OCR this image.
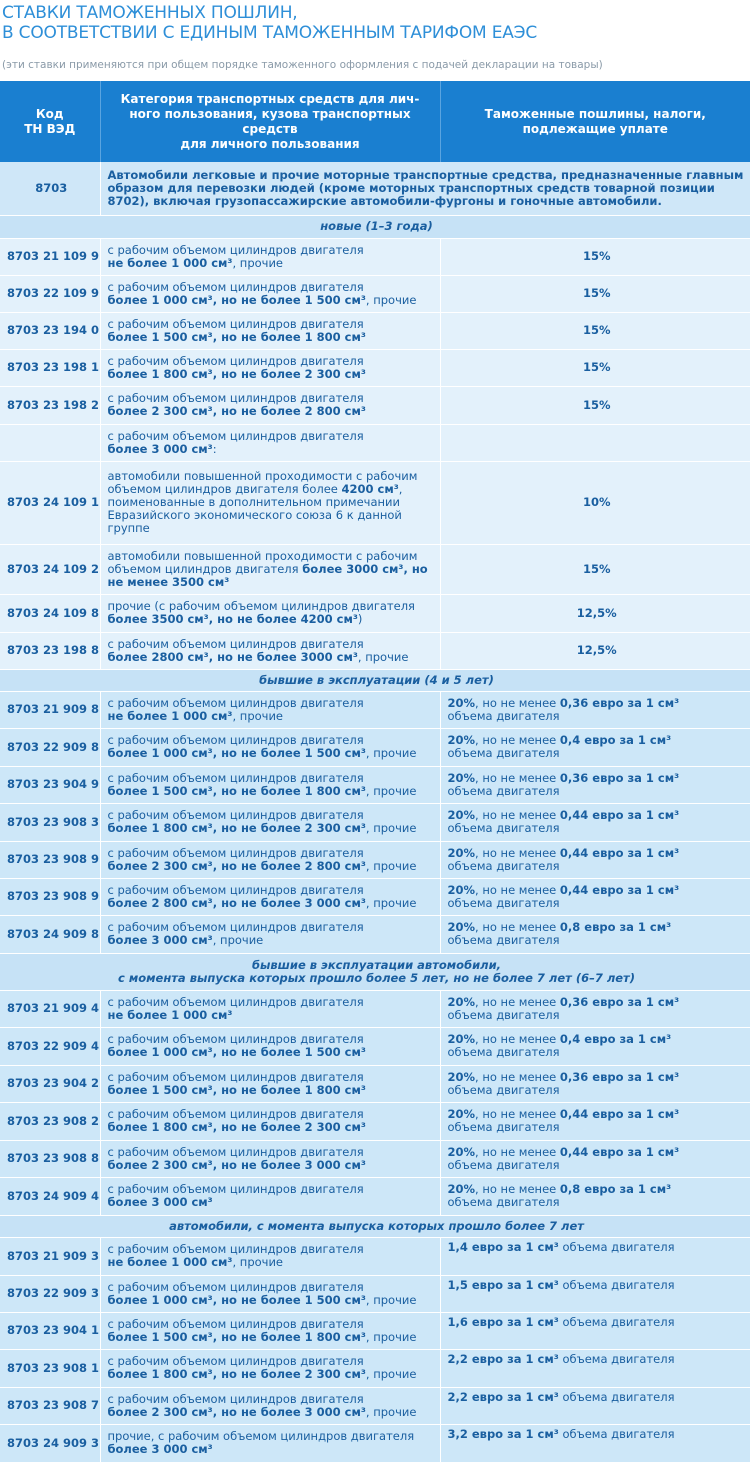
СТАВКИ ТАМОЖЕННЫХ ПОШЛИН,
В СООТВЕТСТВИИ С ЕДИНЫМ ТАМОЖЕННЫМ ТАРИФОМ ЕАЭС
(эти ставки применяются при общем порядке таможенного оформления с подачей декларации на товары)
Код
ТН ВЭД	Категория транспортных средств для лич-
ного пользования, кузова транспортных
средств
для личного пользования	Таможенные пошлины, налоги,
подлежащие уплате
8703	Автомобили легковые и прочие моторные транспортные средства, предназначенные главным образом для перевозки людей (кроме моторных транспортных средств товарной позиции 8702), включая грузопассажирские автомобили-фургоны и гоночные автомобили.	
новые (1–3 года)		
8703 21 109 9	с рабочим объемом цилиндров двигателя
не более 1 000 см³, прочие	15%
8703 22 109 9	с рабочим объемом цилиндров двигателя
более 1 000 см³, но не более 1 500 см³, прочие	15%
8703 23 194 0	с рабочим объемом цилиндров двигателя
более 1 500 см³, но не более 1 800 см³	15%
8703 23 198 1	с рабочим объемом цилиндров двигателя
более 1 800 см³, но не более 2 300 см³	15%
8703 23 198 2	с рабочим объемом цилиндров двигателя
более 2 300 см³, но не более 2 800 см³	15%
	с рабочим объемом цилиндров двигателя
более 3 000 см³:	
8703 24 109 1	автомобили повышенной проходимости с рабочим объемом цилиндров двигателя более 4200 см³, поименованные в дополнительном примечании Евразийского экономического союза 6 к данной группе	10%
8703 24 109 2	автомобили повышенной проходимости с рабочим объемом цилиндров двигателя более 3000 см³, но не менее 3500 см³	15%
8703 24 109 8	прочие (с рабочим объемом цилиндров двигателя
более 3500 см³, но не более 4200 см³)	12,5%
8703 23 198 8	с рабочим объемом цилиндров двигателя
более 2800 см³, но не более 3000 см³, прочие	12,5%
бывшие в эксплуатации (4 и 5 лет)		
8703 21 909 8	с рабочим объемом цилиндров двигателя
не более 1 000 см³, прочие	20%, но не менее 0,36 евро за 1 см³
объема двигателя
8703 22 909 8	с рабочим объемом цилиндров двигателя
более 1 000 см³, но не более 1 500 см³, прочие	20%, но не менее 0,4 евро за 1 см³
объема двигателя
8703 23 904 9	с рабочим объемом цилиндров двигателя
более 1 500 см³, но не более 1 800 см³, прочие	20%, но не менее 0,36 евро за 1 см³
объема двигателя
8703 23 908 3	с рабочим объемом цилиндров двигателя
более 1 800 см³, но не более 2 300 см³, прочие	20%, но не менее 0,44 евро за 1 см³
объема двигателя
8703 23 908 9	с рабочим объемом цилиндров двигателя
более 2 300 см³, но не более 2 800 см³, прочие	20%, но не менее 0,44 евро за 1 см³
объема двигателя
8703 23 908 9	с рабочим объемом цилиндров двигателя
более 2 800 см³, но не более 3 000 см³, прочие	20%, но не менее 0,44 евро за 1 см³
объема двигателя
8703 24 909 8	с рабочим объемом цилиндров двигателя
более 3 000 см³, прочие	20%, но не менее 0,8 евро за 1 см³
объема двигателя
бывшие в эксплуатации автомобили,
с момента выпуска которых прошло более 5 лет, но не более 7 лет (6–7 лет)		
8703 21 909 4	с рабочим объемом цилиндров двигателя
не более 1 000 см³	20%, но не менее 0,36 евро за 1 см³
объема двигателя
8703 22 909 4	с рабочим объемом цилиндров двигателя
более 1 000 см³, но не более 1 500 см³	20%, но не менее 0,4 евро за 1 см³
объема двигателя
8703 23 904 2	с рабочим объемом цилиндров двигателя
более 1 500 см³, но не более 1 800 см³	20%, но не менее 0,36 евро за 1 см³
объема двигателя
8703 23 908 2	с рабочим объемом цилиндров двигателя
более 1 800 см³, но не более 2 300 см³	20%, но не менее 0,44 евро за 1 см³
объема двигателя
8703 23 908 8	с рабочим объемом цилиндров двигателя
более 2 300 см³, но не более 3 000 см³	20%, но не менее 0,44 евро за 1 см³
объема двигателя
8703 24 909 4	с рабочим объемом цилиндров двигателя
более 3 000 см³	20%, но не менее 0,8 евро за 1 см³
объема двигателя
автомобили, с момента выпуска которых прошло более 7 лет		
8703 21 909 3	с рабочим объемом цилиндров двигателя
не более 1 000 см³, прочие	1,4 евро за 1 см³ объема двигателя
8703 22 909 3	с рабочим объемом цилиндров двигателя
более 1 000 см³, но не более 1 500 см³, прочие	1,5 евро за 1 см³ объема двигателя
8703 23 904 1	с рабочим объемом цилиндров двигателя
более 1 500 см³, но не более 1 800 см³, прочие	1,6 евро за 1 см³ объема двигателя
8703 23 908 1	с рабочим объемом цилиндров двигателя
более 1 800 см³, но не более 2 300 см³, прочие	2,2 евро за 1 см³ объема двигателя
8703 23 908 7	с рабочим объемом цилиндров двигателя
более 2 300 см³, но не более 3 000 см³, прочие	2,2 евро за 1 см³ объема двигателя
8703 24 909 3	прочие, с рабочим объемом цилиндров двигателя
более 3 000 см³	3,2 евро за 1 см³ объема двигателя
